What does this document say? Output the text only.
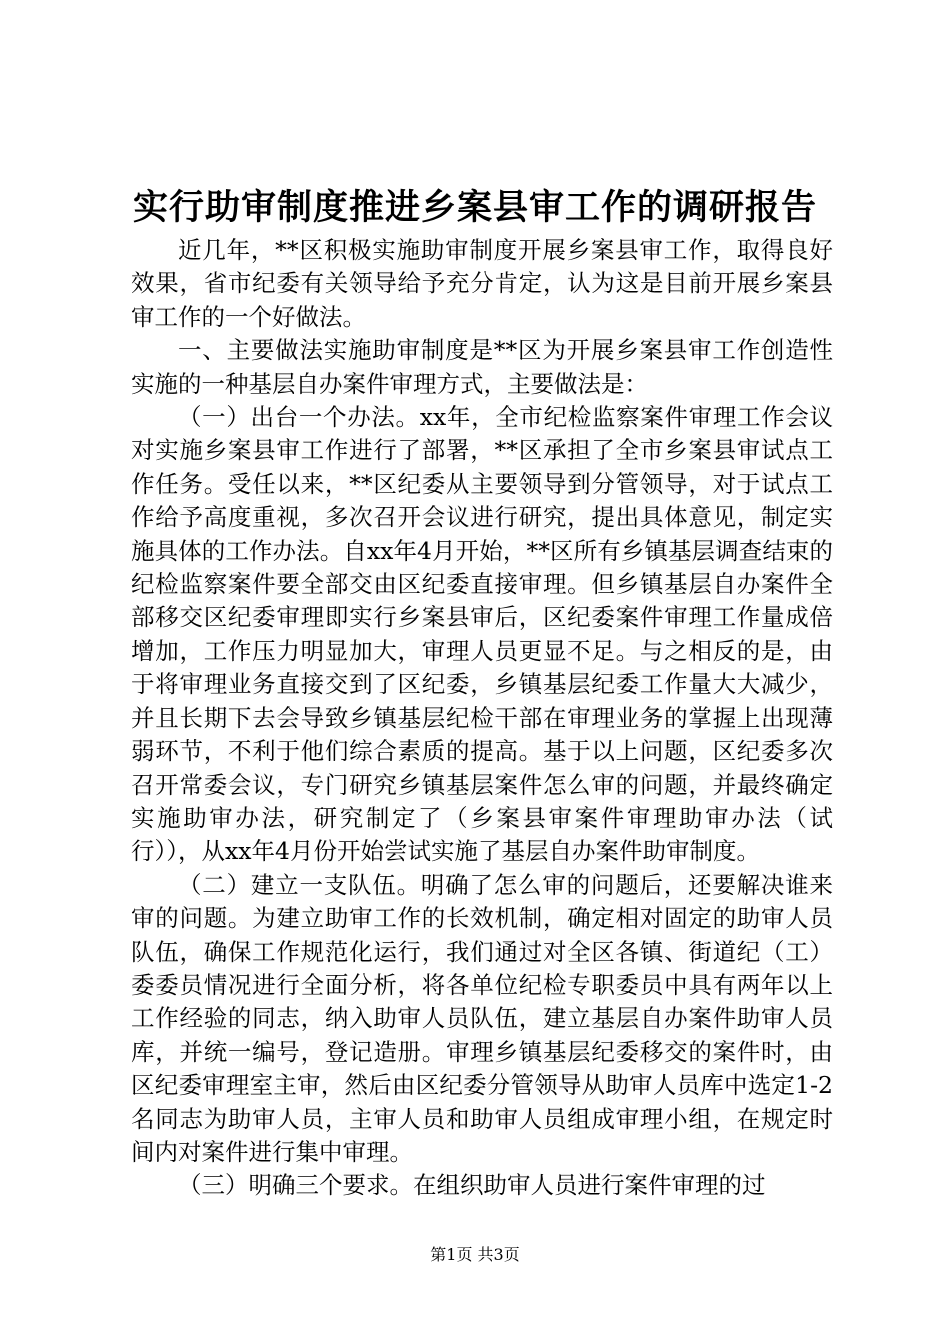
实行助审制度推进乡案县审工作的调研报告

近几年，**区积极实施助审制度开展乡案县审工作，取得良好效果，省市纪委有关领导给予充分肯定，认为这是目前开展乡案县审工作的一个好做法。

一、主要做法实施助审制度是**区为开展乡案县审工作创造性实施的一种基层自办案件审理方式，主要做法是：

（一）出台一个办法。xx年，全市纪检监察案件审理工作会议对实施乡案县审工作进行了部署，**区承担了全市乡案县审试点工作任务。受任以来，**区纪委从主要领导到分管领导，对于试点工作给予高度重视，多次召开会议进行研究，提出具体意见，制定实施具体的工作办法。自xx年4月开始，**区所有乡镇基层调查结束的纪检监察案件要全部交由区纪委直接审理。但乡镇基层自办案件全部移交区纪委审理即实行乡案县审后，区纪委案件审理工作量成倍增加，工作压力明显加大，审理人员更显不足。与之相反的是，由于将审理业务直接交到了区纪委，乡镇基层纪委工作量大大减少，并且长期下去会导致乡镇基层纪检干部在审理业务的掌握上出现薄弱环节，不利于他们综合素质的提高。基于以上问题，区纪委多次召开常委会议，专门研究乡镇基层案件怎么审的问题，并最终确定实施助审办法，研究制定了（乡案县审案件审理助审办法（试行）），从xx年4月份开始尝试实施了基层自办案件助审制度。

（二）建立一支队伍。明确了怎么审的问题后，还要解决谁来审的问题。为建立助审工作的长效机制，确定相对固定的助审人员队伍，确保工作规范化运行，我们通过对全区各镇、街道纪（工）委委员情况进行全面分析，将各单位纪检专职委员中具有两年以上工作经验的同志，纳入助审人员队伍，建立基层自办案件助审人员库，并统一编号，登记造册。审理乡镇基层纪委移交的案件时，由区纪委审理室主审，然后由区纪委分管领导从助审人员库中选定1-2名同志为助审人员，主审人员和助审人员组成审理小组，在规定时间内对案件进行集中审理。

（三）明确三个要求。在组织助审人员进行案件审理的过

第1页 共3页
